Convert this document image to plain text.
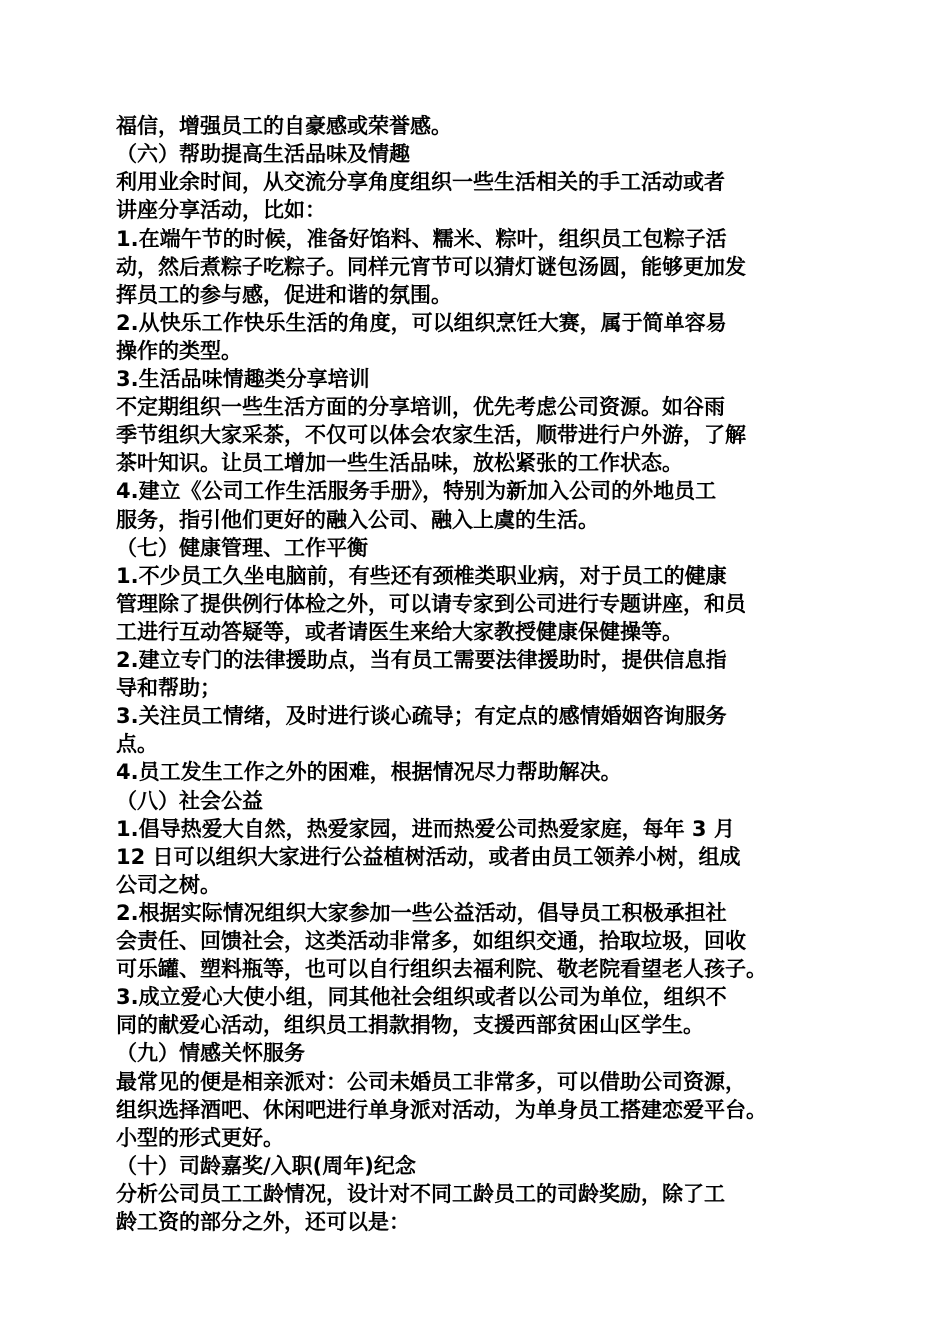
福信，增强员工的自豪感或荣誉感。
（六）帮助提高生活品味及情趣
利用业余时间，从交流分享角度组织一些生活相关的手工活动或者
讲座分享活动，比如：
1.在端午节的时候，准备好馅料、糯米、粽叶，组织员工包粽子活
动，然后煮粽子吃粽子。同样元宵节可以猜灯谜包汤圆，能够更加发
挥员工的参与感，促进和谐的氛围。
2.从快乐工作快乐生活的角度，可以组织烹饪大赛，属于简单容易
操作的类型。
3.生活品味情趣类分享培训
不定期组织一些生活方面的分享培训，优先考虑公司资源。如谷雨
季节组织大家采茶，不仅可以体会农家生活，顺带进行户外游，了解
茶叶知识。让员工增加一些生活品味，放松紧张的工作状态。
4.建立《公司工作生活服务手册》，特别为新加入公司的外地员工
服务，指引他们更好的融入公司、融入上虞的生活。
（七）健康管理、工作平衡
1.不少员工久坐电脑前，有些还有颈椎类职业病，对于员工的健康
管理除了提供例行体检之外，可以请专家到公司进行专题讲座，和员
工进行互动答疑等，或者请医生来给大家教授健康保健操等。
2.建立专门的法律援助点，当有员工需要法律援助时，提供信息指
导和帮助；
3.关注员工情绪，及时进行谈心疏导；有定点的感情婚姻咨询服务
点。
4.员工发生工作之外的困难，根据情况尽力帮助解决。
（八）社会公益
1.倡导热爱大自然，热爱家园，进而热爱公司热爱家庭，每年 3 月
12 日可以组织大家进行公益植树活动，或者由员工领养小树，组成
公司之树。
2.根据实际情况组织大家参加一些公益活动，倡导员工积极承担社
会责任、回馈社会，这类活动非常多，如组织交通，拾取垃圾，回收
可乐罐、塑料瓶等，也可以自行组织去福利院、敬老院看望老人孩子。
3.成立爱心大使小组，同其他社会组织或者以公司为单位，组织不
同的献爱心活动，组织员工捐款捐物，支援西部贫困山区学生。
（九）情感关怀服务
最常见的便是相亲派对：公司未婚员工非常多，可以借助公司资源，
组织选择酒吧、休闲吧进行单身派对活动，为单身员工搭建恋爱平台。
小型的形式更好。
（十）司龄嘉奖/入职(周年)纪念
分析公司员工工龄情况，设计对不同工龄员工的司龄奖励，除了工
龄工资的部分之外，还可以是：
